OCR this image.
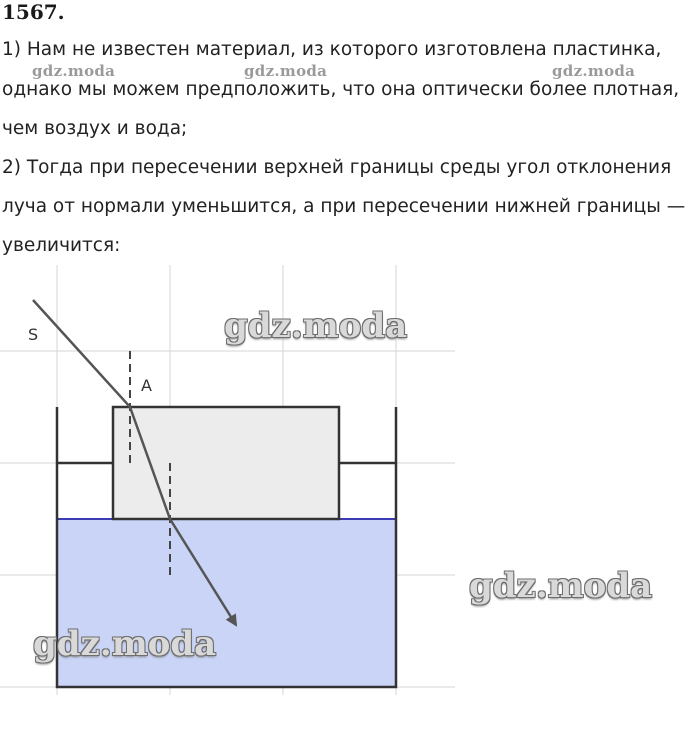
1567.
1) Нам не известен материал, из которого изготовлена пластинка,
однако мы можем предположить, что она оптически более плотная,
чем воздух и вода;
2) Тогда при пересечении верхней границы среды угол отклонения
луча от нормали уменьшится, а при пересечении нижней границы —
увеличится:
gdz.moda	gdz.moda	gdz.moda
S
A
gdz.moda
gdz.moda
gdz.moda
